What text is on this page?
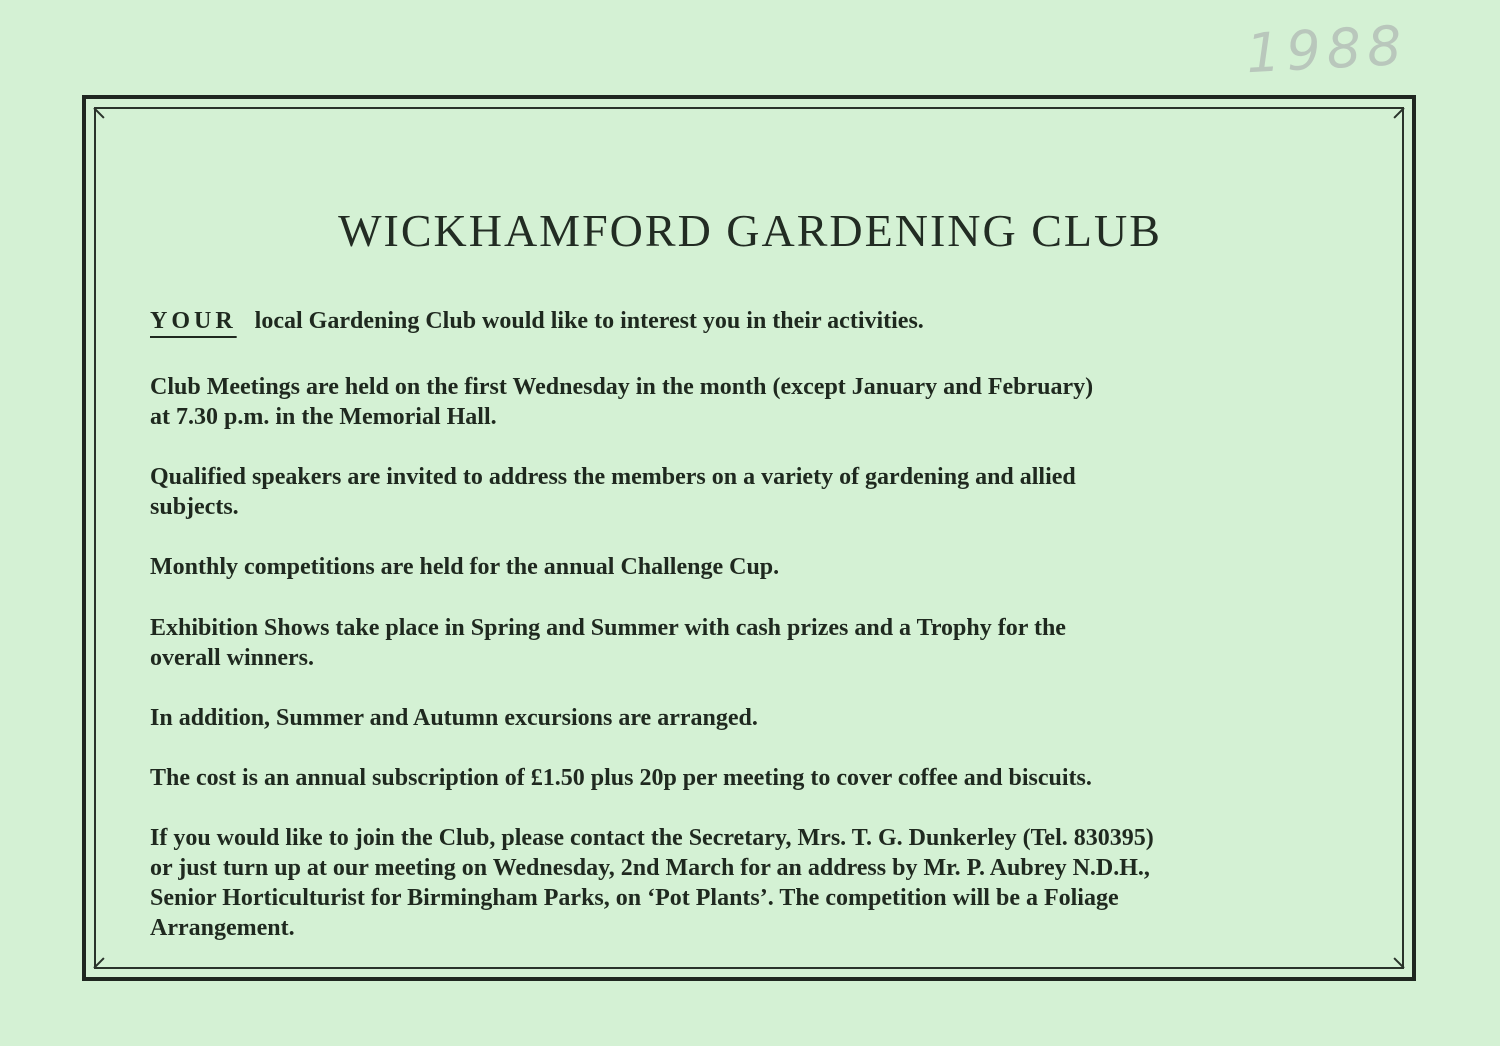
1988
WICKHAMFORD GARDENING CLUB

YOUR local Gardening Club would like to interest you in their activities.

Club Meetings are held on the first Wednesday in the month (except January and February)
at 7.30 p.m. in the Memorial Hall.

Qualified speakers are invited to address the members on a variety of gardening and allied
subjects.

Monthly competitions are held for the annual Challenge Cup.

Exhibition Shows take place in Spring and Summer with cash prizes and a Trophy for the
overall winners.

In addition, Summer and Autumn excursions are arranged.

The cost is an annual subscription of £1.50 plus 20p per meeting to cover coffee and biscuits.

If you would like to join the Club, please contact the Secretary, Mrs. T. G. Dunkerley (Tel. 830395)
or just turn up at our meeting on Wednesday, 2nd March for an address by Mr. P. Aubrey N.D.H.,
Senior Horticulturist for Birmingham Parks, on ‘Pot Plants’. The competition will be a Foliage
Arrangement.
